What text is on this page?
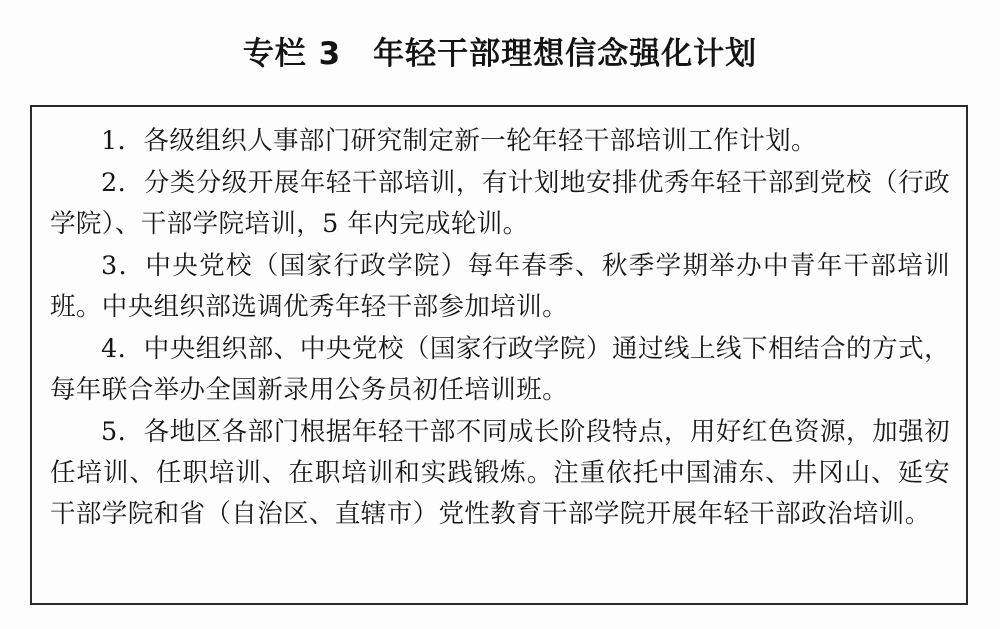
专栏 3　年轻干部理想信念强化计划

1．各级组织人事部门研究制定新一轮年轻干部培训工作计划。

2．分类分级开展年轻干部培训，有计划地安排优秀年轻干部到党校（行政学院）、干部学院培训，5 年内完成轮训。

3．中央党校（国家行政学院）每年春季、秋季学期举办中青年干部培训班。中央组织部选调优秀年轻干部参加培训。

4．中央组织部、中央党校（国家行政学院）通过线上线下相结合的方式，每年联合举办全国新录用公务员初任培训班。

5．各地区各部门根据年轻干部不同成长阶段特点，用好红色资源，加强初任培训、任职培训、在职培训和实践锻炼。注重依托中国浦东、井冈山、延安干部学院和省（自治区、直辖市）党性教育干部学院开展年轻干部政治培训。
